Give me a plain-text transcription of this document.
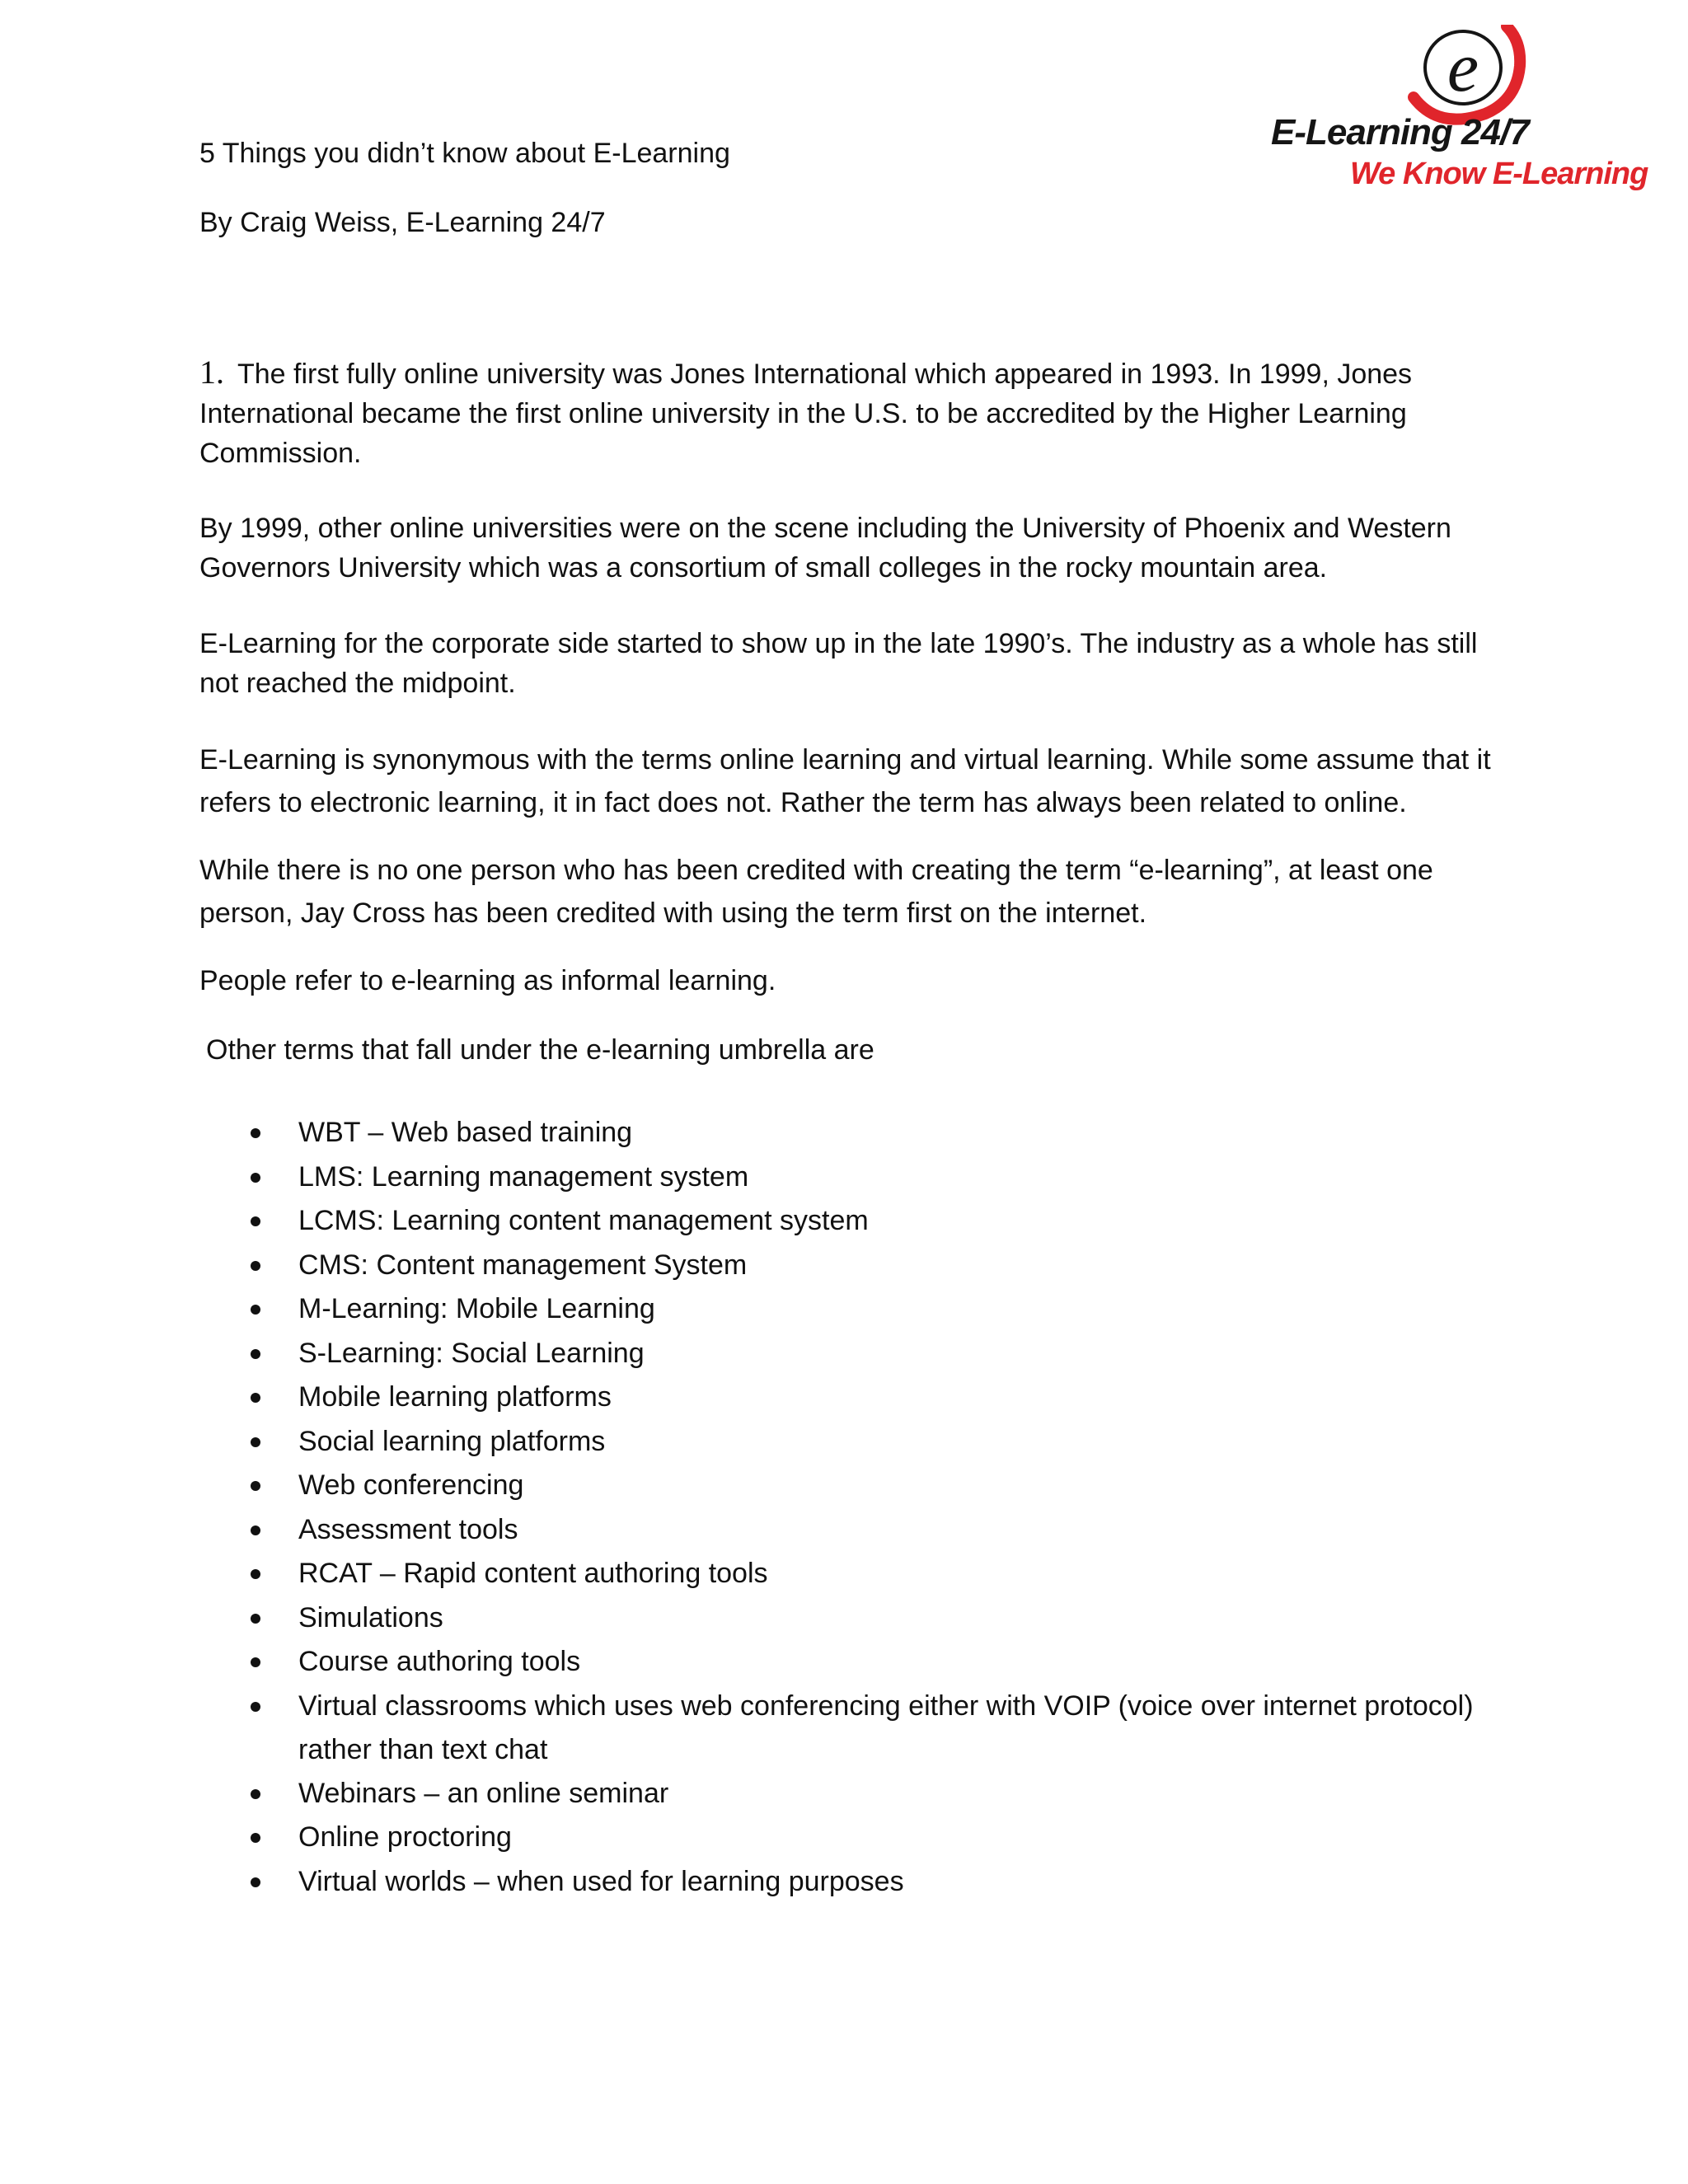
e
E-Learning 24/7
We Know E-Learning
5 Things you didn’t know about E-Learning
By Craig Weiss, E-Learning 24/7

1. The first fully online university was Jones International which appeared in 1993. In 1999, Jones International became the first online university in the U.S. to be accredited by the Higher Learning Commission.

By 1999, other online universities were on the scene including the University of Phoenix and Western Governors University which was a consortium of small colleges in the rocky mountain area.

E-Learning for the corporate side started to show up in the late 1990’s. The industry as a whole has still not reached the midpoint.

E-Learning is synonymous with the terms online learning and virtual learning. While some assume that it refers to electronic learning, it in fact does not. Rather the term has always been related to online.

While there is no one person who has been credited with creating the term “e-learning”, at least one person, Jay Cross has been credited with using the term first on the internet.

People refer to e-learning as informal learning.

Other terms that fall under the e-learning umbrella are

WBT – Web based training
LMS: Learning management system
LCMS: Learning content management system
CMS: Content management System
M-Learning: Mobile Learning
S-Learning: Social Learning
Mobile learning platforms
Social learning platforms
Web conferencing
Assessment tools
RCAT – Rapid content authoring tools
Simulations
Course authoring tools
Virtual classrooms which uses web conferencing either with VOIP (voice over internet protocol) rather than text chat
Webinars – an online seminar
Online proctoring
Virtual worlds – when used for learning purposes
